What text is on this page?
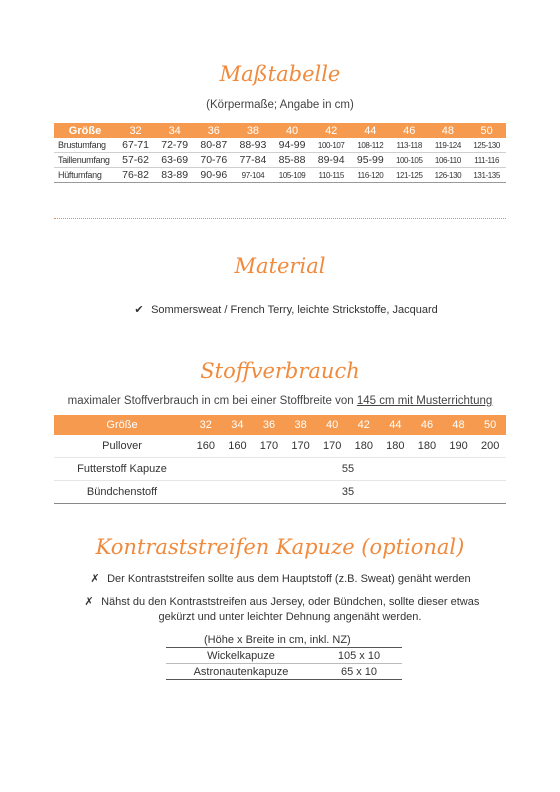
Maßtabelle
(Körpermaße; Angabe in cm)
Größe	32	34	36	38	40	42	44	46	48	50
Brustumfang	67-71	72-79	80-87	88-93	94-99	100-107	108-112	113-118	119-124	125-130
Taillenumfang	57-62	63-69	70-76	77-84	85-88	89-94	95-99	100-105	106-110	111-116
Hüftumfang	76-82	83-89	90-96	97-104	105-109	110-115	116-120	121-125	126-130	131-135
Material
✔ Sommersweat / French Terry, leichte Strickstoffe, Jacquard
Stoffverbrauch
maximaler Stoffverbrauch in cm bei einer Stoffbreite von 145 cm mit Musterrichtung
Größe	32	34	36	38	40	42	44	46	48	50
Pullover	160	160	170	170	170	180	180	180	190	200
Futterstoff Kapuze	55									
Bündchenstoff	35									
Kontraststreifen Kapuze (optional)
✗ Der Kontraststreifen sollte aus dem Hauptstoff (z.B. Sweat) genäht werden
✗ Nähst du den Kontraststreifen aus Jersey, oder Bündchen, sollte dieser etwas
gekürzt und unter leichter Dehnung angenäht werden.
(Höhe x Breite in cm, inkl. NZ)	
Wickelkapuze	105 x 10
Astronautenkapuze	65 x 10
